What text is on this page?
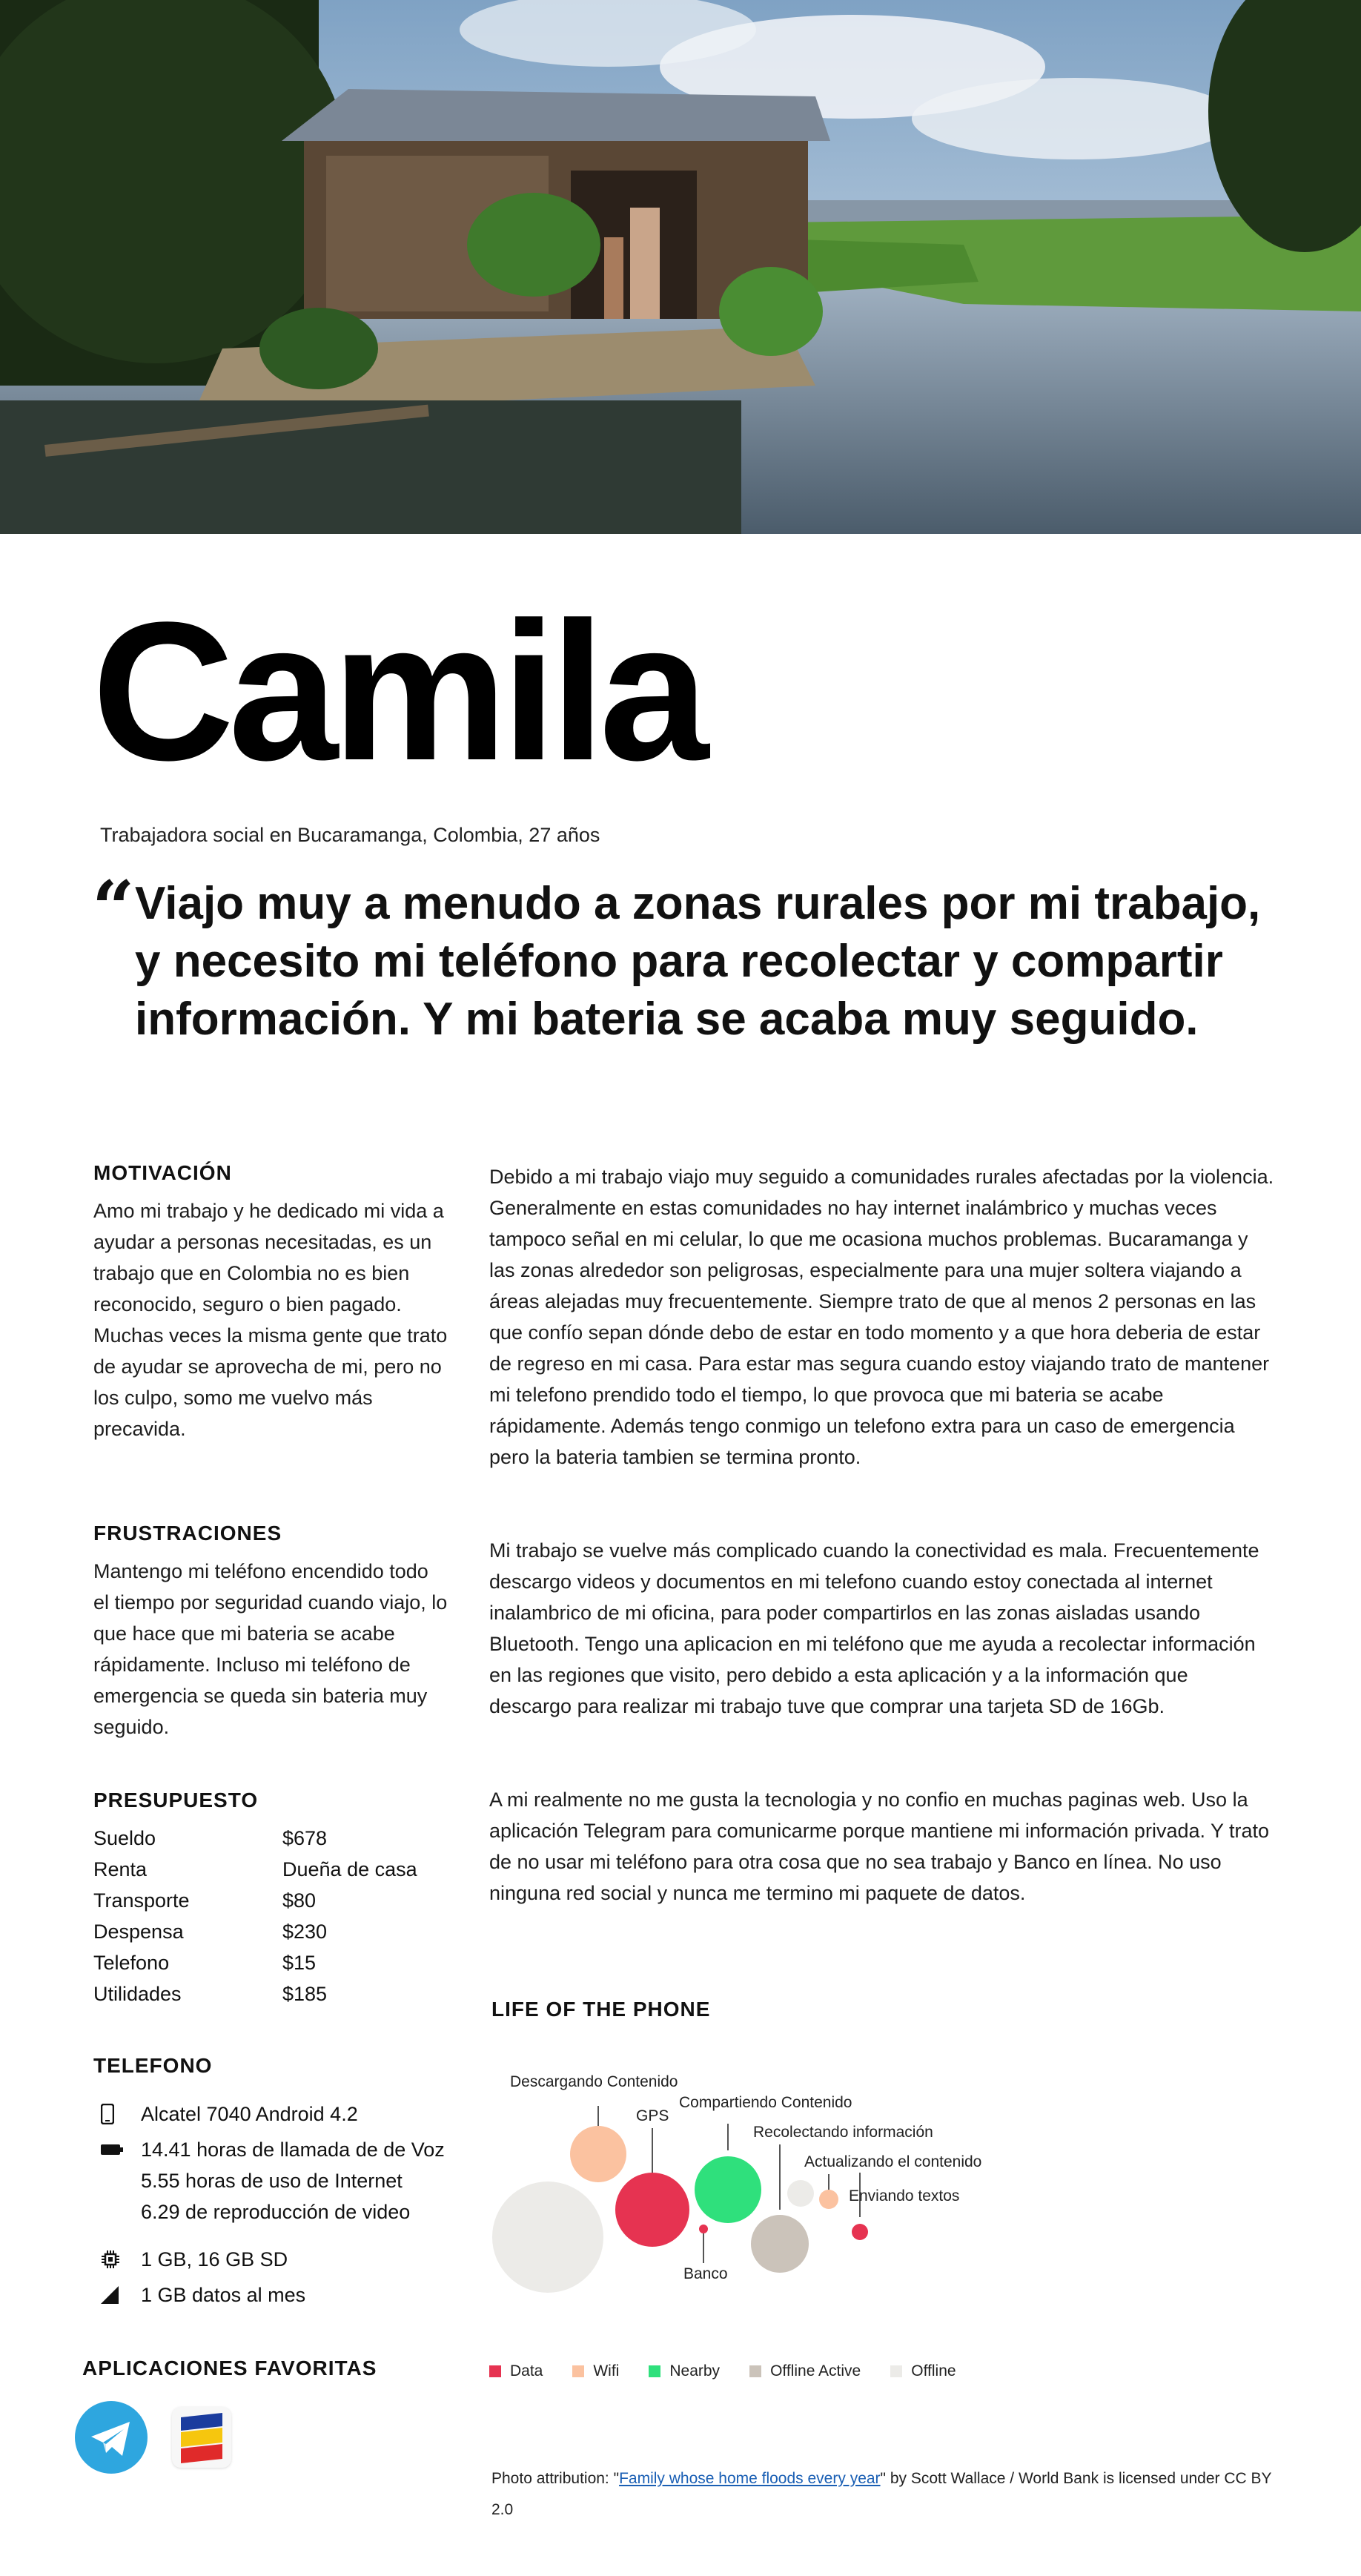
Camila
Trabajadora social en Bucaramanga, Colombia, 27 años
“ Viajo muy a menudo a zonas rurales por mi trabajo, y necesito mi teléfono para recolectar y compartir información. Y mi bateria se acaba muy seguido.
MOTIVACIÓN
Amo mi trabajo y he dedicado mi vida a ayudar a personas necesitadas, es un trabajo que en Colombia no es bien reconocido, seguro o bien pagado. Muchas veces la misma gente que trato de ayudar se aprovecha de mi, pero no los culpo, somo me vuelvo más precavida.
FRUSTRACIONES
Mantengo mi teléfono encendido todo el tiempo por seguridad cuando viajo, lo que hace que mi bateria se acabe rápidamente. Incluso mi teléfono de emergencia se queda sin bateria muy seguido.
PRESUPUESTO
Sueldo	$678
Renta	Dueña de casa
Transporte	$80
Despensa	$230
Telefono	$15
Utilidades	$185
TELEFONO
Alcatel 7040 Android 4.2
14.41 horas de llamada de de Voz
5.55 horas de uso de Internet
6.29 de reproducción de video
1 GB, 16 GB SD
1 GB datos al mes
APLICACIONES FAVORITAS
Debido a mi trabajo viajo muy seguido a comunidades rurales afectadas por la violencia. Generalmente en estas comunidades no hay internet inalámbrico y muchas veces tampoco señal en mi celular, lo que me ocasiona muchos problemas. Bucaramanga y las zonas alrededor son peligrosas, especialmente para una mujer soltera viajando a áreas alejadas muy frecuentemente. Siempre trato de que al menos 2 personas en las que confío sepan dónde debo de estar en todo momento y a que hora deberia de estar de regreso en mi casa. Para estar mas segura cuando estoy viajando trato de mantener mi telefono prendido todo el tiempo, lo que provoca que mi bateria se acabe rápidamente. Además tengo conmigo un telefono extra para un caso de emergencia pero la bateria tambien se termina pronto.
Mi trabajo se vuelve más complicado cuando la conectividad es mala. Frecuentemente descargo videos y documentos en mi telefono cuando estoy conectada al internet inalambrico de mi oficina, para poder compartirlos en las zonas aisladas usando Bluetooth. Tengo una aplicacion en mi teléfono que me ayuda a recolectar información en las regiones que visito, pero debido a esta aplicación y a la información que descargo para realizar mi trabajo tuve que comprar una tarjeta SD de 16Gb.
A mi realmente no me gusta la tecnologia y no confio en muchas paginas web. Uso la aplicación Telegram para comunicarme porque mantiene mi información privada. Y trato de no usar mi teléfono para otra cosa que no sea trabajo y Banco en línea. No uso ninguna red social y nunca me termino mi paquete de datos.
LIFE OF THE PHONE
Descargando Contenido
GPS
Compartiendo Contenido
Recolectando información
Actualizando el contenido
Enviando textos
Banco
Data	Wifi	Nearby	Offline Active	Offline
Photo attribution: "Family whose home floods every year" by Scott Wallace / World Bank is licensed under CC BY 2.0
